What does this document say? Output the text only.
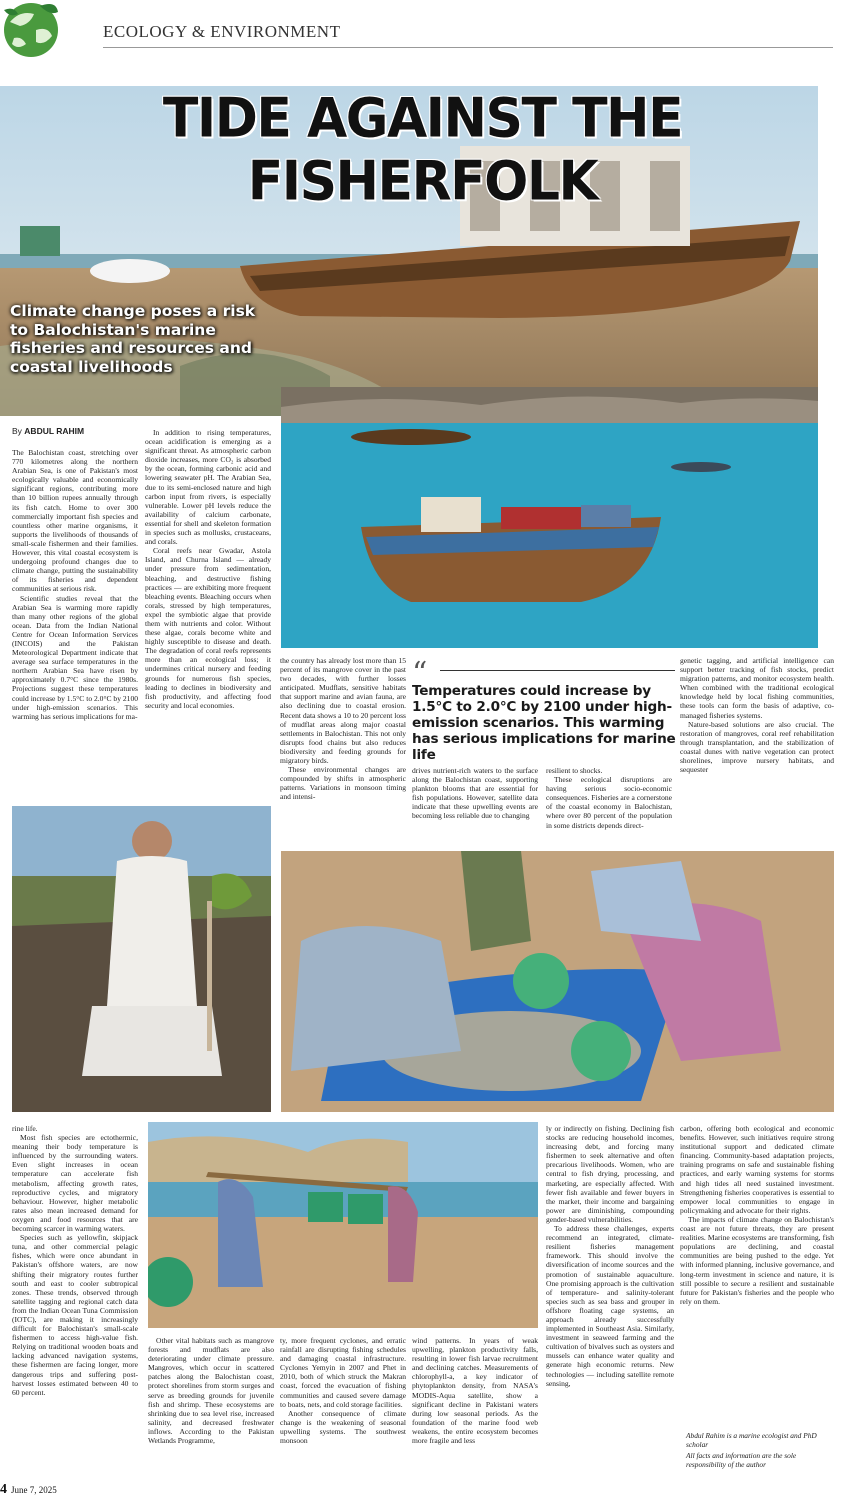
ECOLOGY & ENVIRONMENT
TIDE AGAINST THE FISHERFOLK
Climate change poses a risk to Balochistan's marine fisheries and resources and coastal livelihoods
By ABDUL RAHIM

The Balochistan coast, stretching over 770 kilometres along the northern Arabian Sea, is one of Pakistan's most ecologically valuable and economically significant regions, contributing more than 10 billion rupees annually through its fish catch. Home to over 300 commercially important fish species and countless other marine organisms, it supports the livelihoods of thousands of small-scale fishermen and their families. However, this vital coastal ecosystem is undergoing profound changes due to climate change, putting the sustainability of its fisheries and dependent communities at serious risk.

Scientific studies reveal that the Arabian Sea is warming more rapidly than many other regions of the global ocean. Data from the Indian National Centre for Ocean Information Services (INCOIS) and the Pakistan Meteorological Department indicate that average sea surface temperatures in the northern Arabian Sea have risen by approximately 0.7°C since the 1980s. Projections suggest these temperatures could increase by 1.5°C to 2.0°C by 2100 under high-emission scenarios. This warming has serious implications for ma-

In addition to rising temperatures, ocean acidification is emerging as a significant threat. As atmospheric carbon dioxide increases, more CO₂ is absorbed by the ocean, forming carbonic acid and lowering seawater pH. The Arabian Sea, due to its semi-enclosed nature and high carbon input from rivers, is especially vulnerable. Lower pH levels reduce the availability of calcium carbonate, essential for shell and skeleton formation in species such as mollusks, crustaceans, and corals.

Coral reefs near Gwadar, Astola Island, and Churna Island — already under pressure from sedimentation, bleaching, and destructive fishing practices — are exhibiting more frequent bleaching events. Bleaching occurs when corals, stressed by high temperatures, expel the symbiotic algae that provide them with nutrients and color. Without these algae, corals become white and highly susceptible to disease and death. The degradation of coral reefs represents more than an ecological loss; it undermines critical nursery and feeding grounds for numerous fish species, leading to declines in biodiversity and fish productivity, and affecting food security and local economies.

the country has already lost more than 15 percent of its mangrove cover in the past two decades, with further losses anticipated. Mudflats, sensitive habitats that support marine and avian fauna, are also declining due to coastal erosion. Recent data shows a 10 to 20 percent loss of mudflat areas along major coastal settlements in Balochistan. This not only disrupts food chains but also reduces biodiversity and feeding grounds for migratory birds.

These environmental changes are compounded by shifts in atmospheric patterns. Variations in monsoon timing and intensi-

“
Temperatures could increase by 1.5°C to 2.0°C by 2100 under high-emission scenarios. This warming has serious implications for marine life

drives nutrient-rich waters to the surface along the Balochistan coast, supporting plankton blooms that are essential for fish populations. However, satellite data indicate that these upwelling events are becoming less reliable due to changing

resilient to shocks.

These ecological disruptions are having serious socio-economic consequences. Fisheries are a cornerstone of the coastal economy in Balochistan, where over 80 percent of the population in some districts depends direct-

genetic tagging, and artificial intelligence can support better tracking of fish stocks, predict migration patterns, and monitor ecosystem health. When combined with the traditional ecological knowledge held by local fishing communities, these tools can form the basis of adaptive, co-managed fisheries systems.

Nature-based solutions are also crucial. The restoration of mangroves, coral reef rehabilitation through transplantation, and the stabilization of coastal dunes with native vegetation can protect shorelines, improve nursery habitats, and sequester

rine life.

Most fish species are ectothermic, meaning their body temperature is influenced by the surrounding waters. Even slight increases in ocean temperature can accelerate fish metabolism, affecting growth rates, reproductive cycles, and migratory behaviour. However, higher metabolic rates also mean increased demand for oxygen and food resources that are becoming scarcer in warming waters.

Species such as yellowfin, skipjack tuna, and other commercial pelagic fishes, which were once abundant in Pakistan's offshore waters, are now shifting their migratory routes further south and east to cooler subtropical zones. These trends, observed through satellite tagging and regional catch data from the Indian Ocean Tuna Commission (IOTC), are making it increasingly difficult for Balochistan's small-scale fishermen to access high-value fish. Relying on traditional wooden boats and lacking advanced navigation systems, these fishermen are facing longer, more dangerous trips and suffering post-harvest losses estimated between 40 to 60 percent.

Other vital habitats such as mangrove forests and mudflats are also deteriorating under climate pressure. Mangroves, which occur in scattered patches along the Balochistan coast, protect shorelines from storm surges and serve as breeding grounds for juvenile fish and shrimp. These ecosystems are shrinking due to sea level rise, increased salinity, and decreased freshwater inflows. According to the Pakistan Wetlands Programme,

ty, more frequent cyclones, and erratic rainfall are disrupting fishing schedules and damaging coastal infrastructure. Cyclones Yemyin in 2007 and Phet in 2010, both of which struck the Makran coast, forced the evacuation of fishing communities and caused severe damage to boats, nets, and cold storage facilities.

Another consequence of climate change is the weakening of seasonal upwelling systems. The southwest monsoon

wind patterns. In years of weak upwelling, plankton productivity falls, resulting in lower fish larvae recruitment and declining catches. Measurements of chlorophyll-a, a key indicator of phytoplankton density, from NASA's MODIS-Aqua satellite, show a significant decline in Pakistani waters during low seasonal periods. As the foundation of the marine food web weakens, the entire ecosystem becomes more fragile and less

ly or indirectly on fishing. Declining fish stocks are reducing household incomes, increasing debt, and forcing many fishermen to seek alternative and often precarious livelihoods. Women, who are central to fish drying, processing, and marketing, are especially affected. With fewer fish available and fewer buyers in the market, their income and bargaining power are diminishing, compounding gender-based vulnerabilities.

To address these challenges, experts recommend an integrated, climate-resilient fisheries management framework. This should involve the diversification of income sources and the promotion of sustainable aquaculture. One promising approach is the cultivation of temperature- and salinity-tolerant species such as sea bass and grouper in offshore floating cage systems, an approach already successfully implemented in Southeast Asia. Similarly, investment in seaweed farming and the cultivation of bivalves such as oysters and mussels can enhance water quality and generate high economic returns. New technologies — including satellite remote sensing,

carbon, offering both ecological and economic benefits. However, such initiatives require strong institutional support and dedicated climate financing. Community-based adaptation projects, training programs on safe and sustainable fishing practices, and early warning systems for storms and high tides all need sustained investment. Strengthening fisheries cooperatives is essential to empower local communities to engage in policymaking and advocate for their rights.

The impacts of climate change on Balochistan's coast are not future threats, they are present realities. Marine ecosystems are transforming, fish populations are declining, and coastal communities are being pushed to the edge. Yet with informed planning, inclusive governance, and long-term investment in science and nature, it is still possible to secure a resilient and sustainable future for Pakistan's fisheries and the people who rely on them.

Abdul Rahim is a marine ecologist and PhD scholar
All facts and information are the sole responsibility of the author
4 June 7, 2025
